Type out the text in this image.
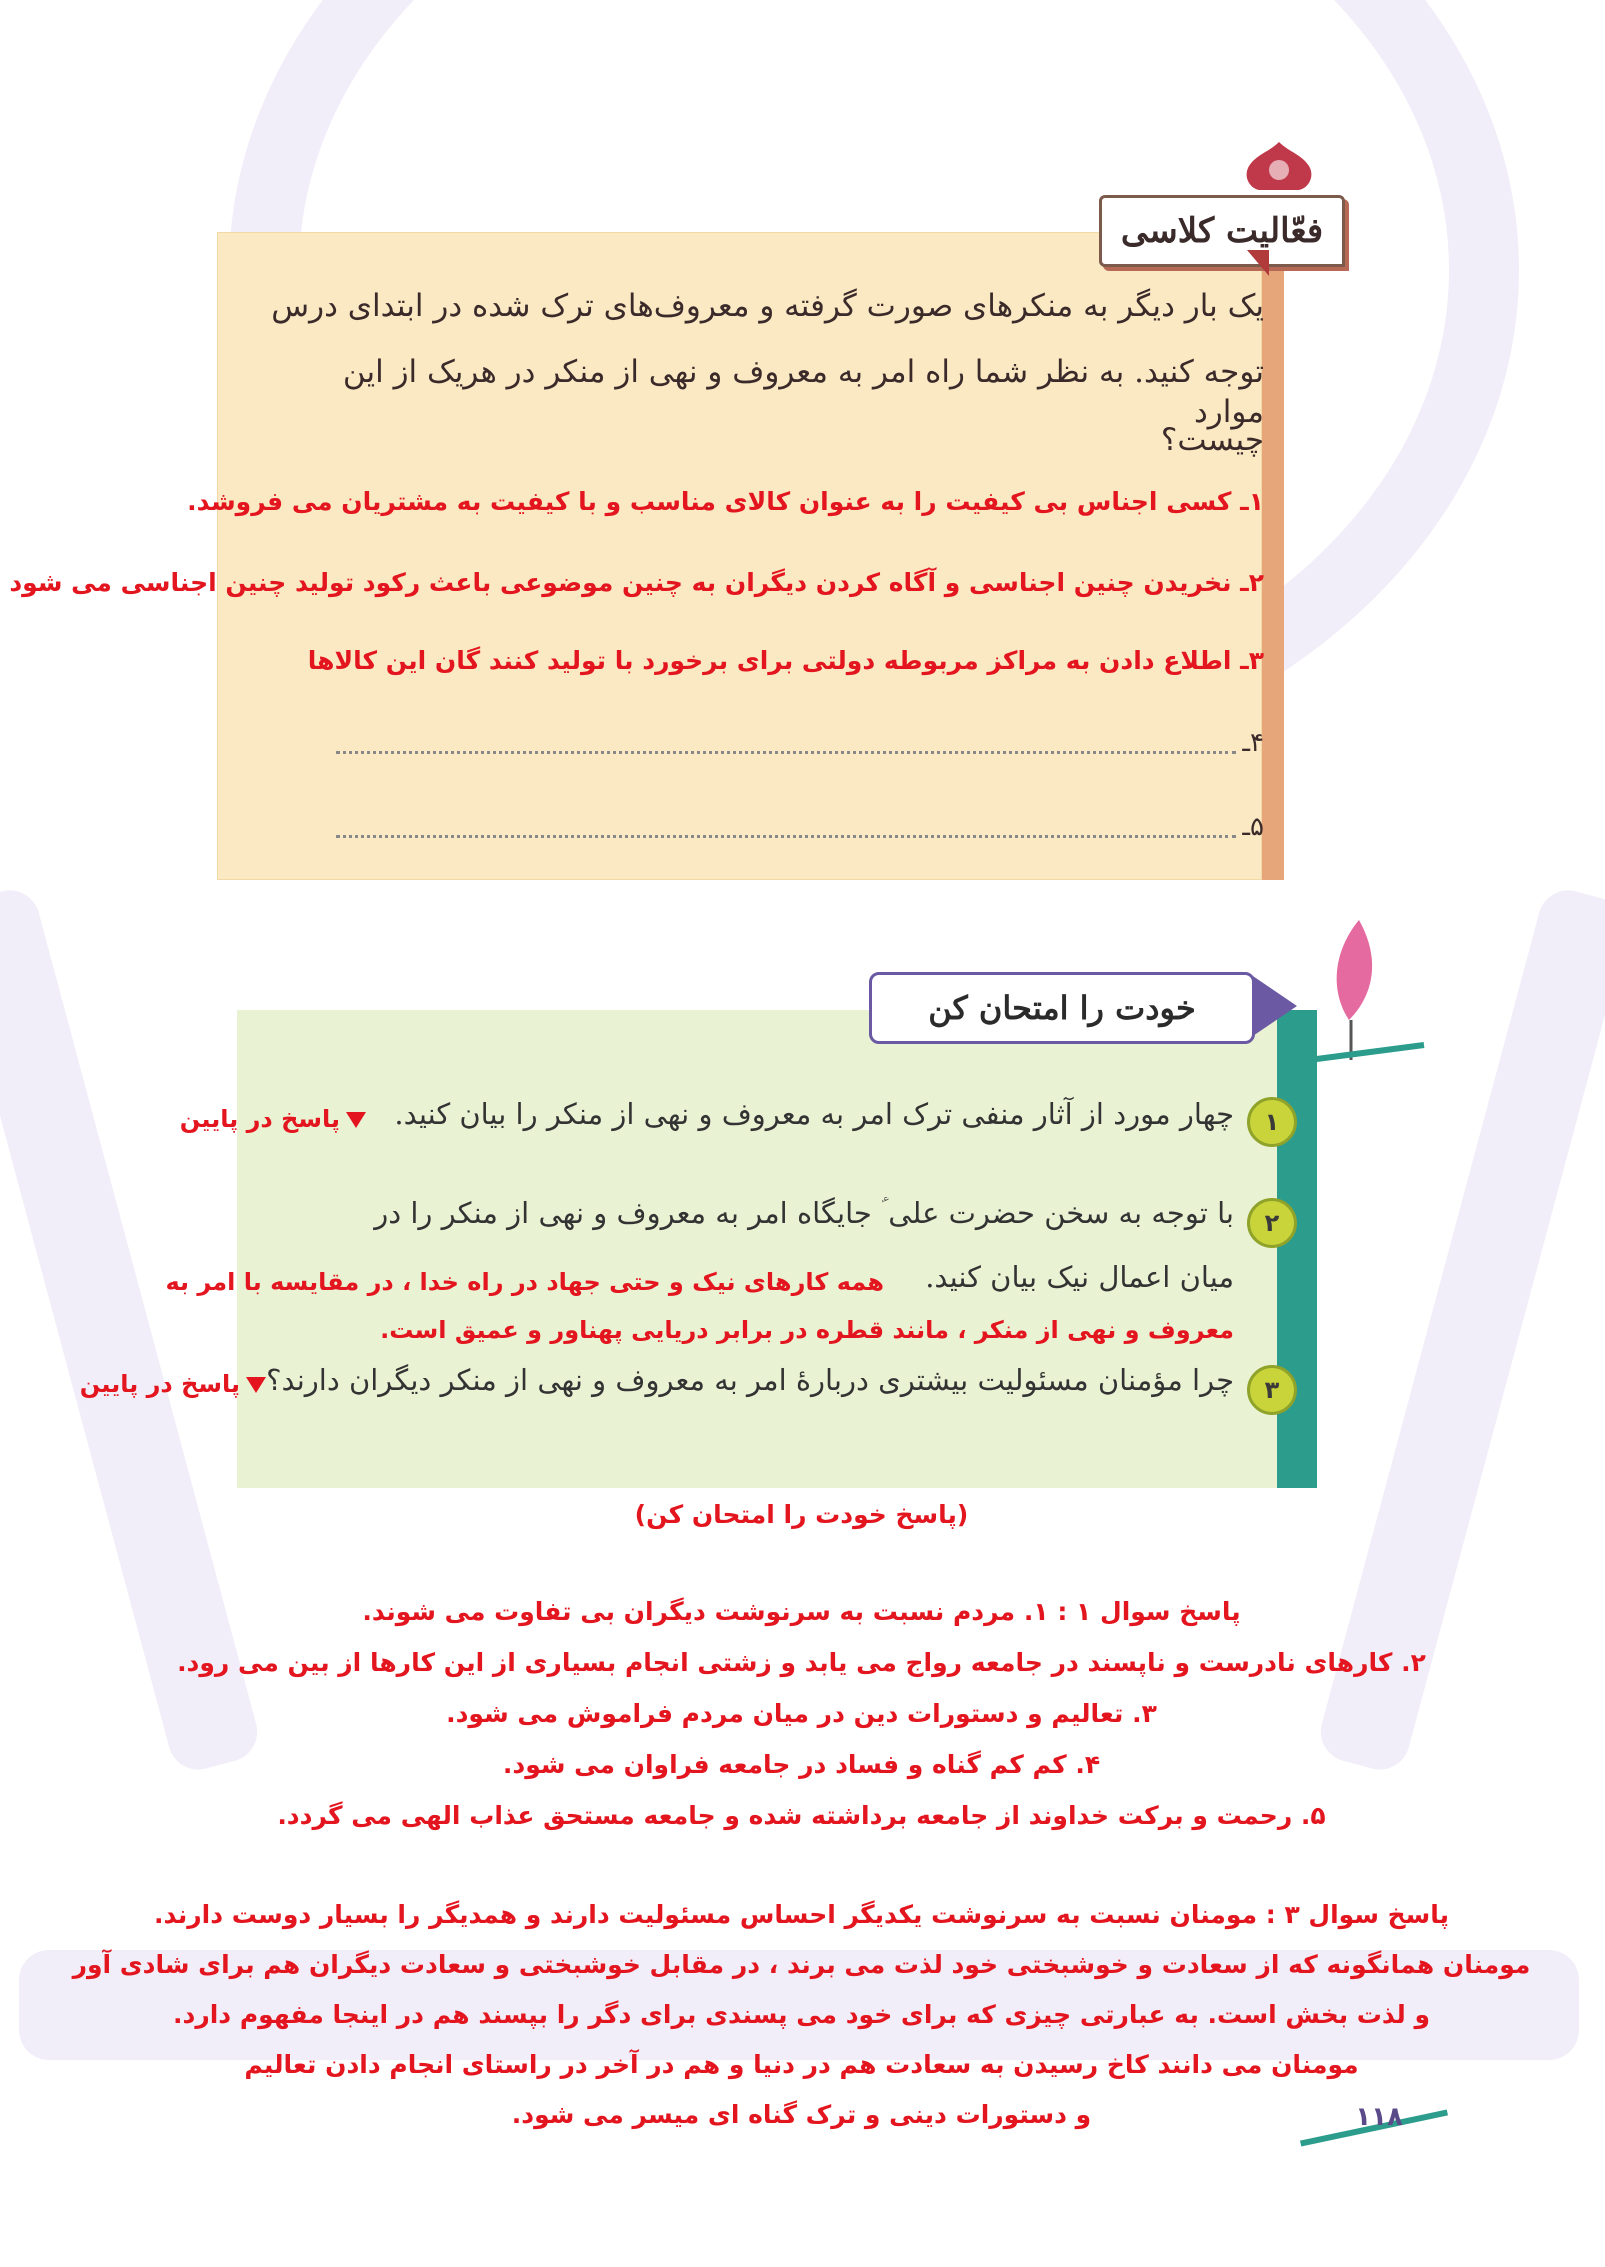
فعّالیت کلاسی
یک بار دیگر به منکرهای صورت گرفته و معروف‌های ترک شده در ابتدای درس
توجه کنید. به نظر شما راه امر به معروف و نهی از منکر در هریک از این موارد
چیست؟
۱ـ کسی اجناس بی کیفیت را به عنوان کالای مناسب و با کیفیت به مشتریان می فروشد.
۲ـ نخریدن چنین اجناسی و آگاه کردن دیگران به چنین موضوعی باعث رکود تولید چنین اجناسی می شود
۳ـ اطلاع دادن به مراکز مربوطه دولتی برای برخورد با تولید کنند گان این کالاها
۴ـ
۵ـ
خودت را امتحان کن
۱
چهار مورد از آثار منفی ترک امر به معروف و نهی از منکر را بیان کنید.
پاسخ در پایین
۲
با توجه به سخن حضرت علی ؑ جایگاه امر به معروف و نهی از منکر را در
میان اعمال نیک بیان کنید.
همه کارهای نیک و حتی جهاد در راه خدا ، در مقایسه با امر به
معروف و نهی از منکر ، مانند قطره در برابر دریایی پهناور و عمیق است.
۳
چرا مؤمنان مسئولیت بیشتری دربارهٔ امر به معروف و نهی از منکر دیگران دارند؟
پاسخ در پایین
(پاسخ خودت را امتحان کن)
پاسخ سوال ۱ : ۱. مردم نسبت به سرنوشت دیگران بی تفاوت می شوند.
۲. کارهای نادرست و ناپسند در جامعه رواج می یابد و زشتی انجام بسیاری از این کارها از بین می رود.
۳. تعالیم و دستورات دین در میان مردم فراموش می شود.
۴. کم کم گناه و فساد در جامعه فراوان می شود.
۵. رحمت و برکت خداوند از جامعه برداشته شده و جامعه مستحق عذاب الهی می گردد.
پاسخ سوال ۳ : مومنان نسبت به سرنوشت یکدیگر احساس مسئولیت دارند و همدیگر را بسیار دوست دارند.
مومنان همانگونه که از سعادت و خوشبختی خود لذت می برند ، در مقابل خوشبختی و سعادت دیگران هم برای شادی آور
و لذت بخش است. به عبارتی چیزی که برای خود می پسندی برای دگر را بپسند هم در اینجا مفهوم دارد.
مومنان می دانند کاخ رسیدن به سعادت هم در دنیا و هم در آخر در راستای انجام دادن تعالیم
و دستورات دینی و ترک گناه ای میسر می شود.	۱۱۸
